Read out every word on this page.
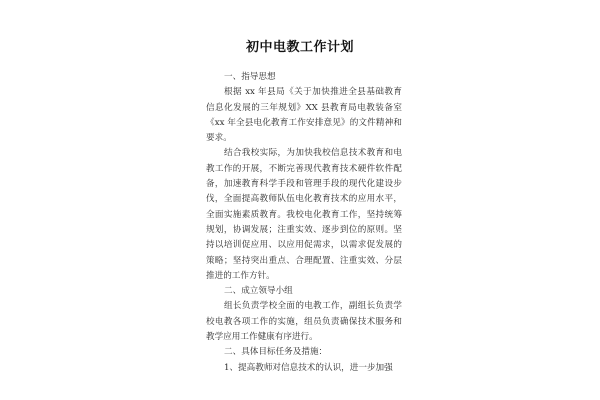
初中电教工作计划

一、指导思想

根据 xx 年县局《关于加快推进全县基础教育信息化发展的三年规划》XX 县教育局电教装备室《xx 年全县电化教育工作安排意见》的文件精神和要求。

结合我校实际，为加快我校信息技术教育和电教工作的开展，不断完善现代教育技术硬件软件配备，加速教育科学手段和管理手段的现代化建设步伐，全面提高教师队伍电化教育技术的应用水平，全面实施素质教育。我校电化教育工作，坚持统筹规划，协调发展；注重实效、逐步到位的原则。坚持以培训促应用、以应用促需求，以需求促发展的策略；坚持突出重点、合理配置、注重实效、分层推进的工作方针。

二、成立领导小组

组长负责学校全面的电教工作，副组长负责学校电教各项工作的实施，组员负责确保技术服务和教学应用工作健康有序进行。

二、具体目标任务及措施：

1、提高教师对信息技术的认识，进一步加强
